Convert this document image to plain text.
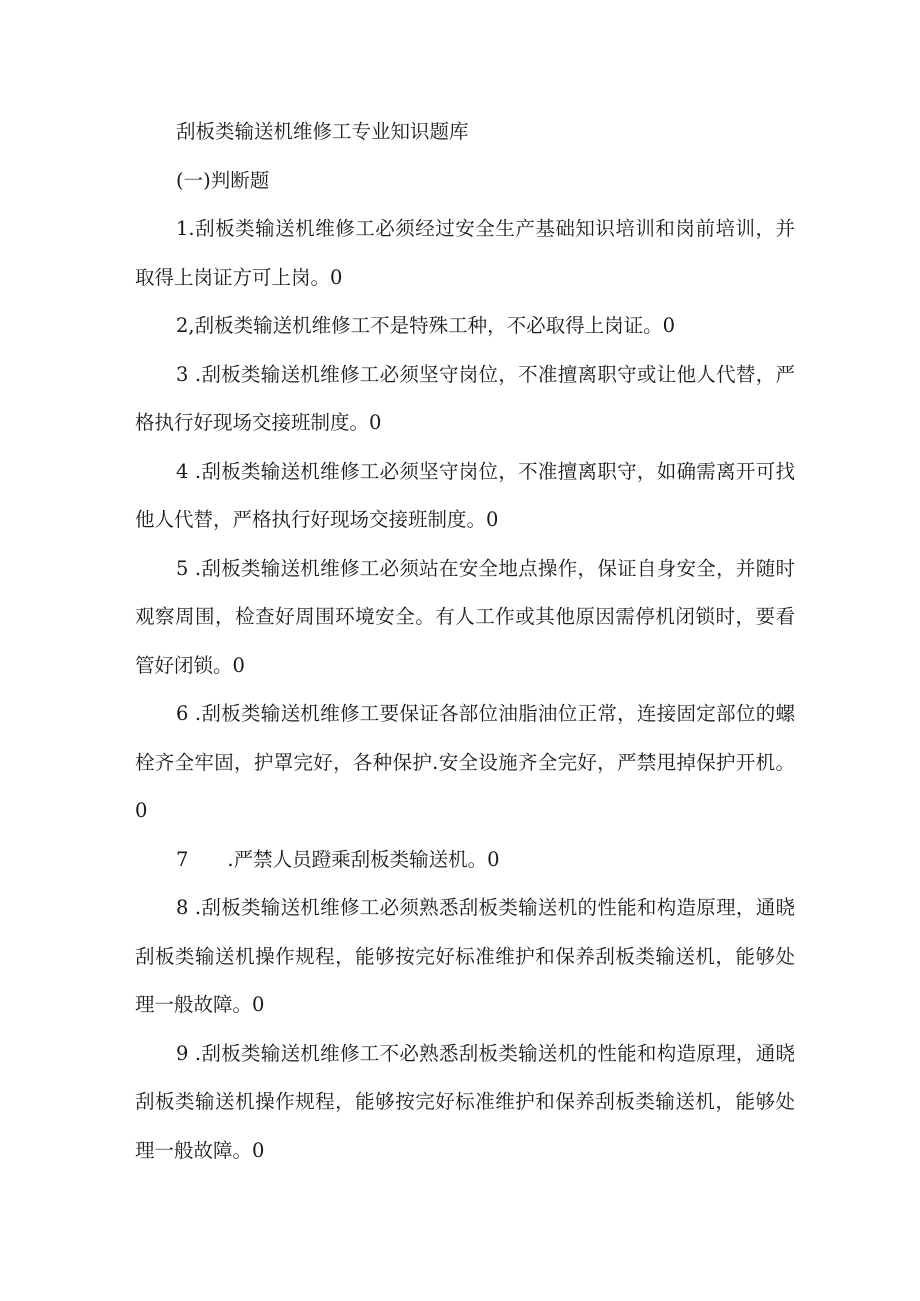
刮板类输送机维修工专业知识题库

(一)判断题

1.刮板类输送机维修工必须经过安全生产基础知识培训和岗前培训，并取得上岗证方可上岗。0

2,刮板类输送机维修工不是特殊工种，不必取得上岗证。0

3 .刮板类输送机维修工必须坚守岗位，不准擅离职守或让他人代替，严格执行好现场交接班制度。0

4 .刮板类输送机维修工必须坚守岗位，不准擅离职守，如确需离开可找他人代替，严格执行好现场交接班制度。0

5 .刮板类输送机维修工必须站在安全地点操作，保证自身安全，并随时观察周围，检查好周围环境安全。有人工作或其他原因需停机闭锁时，要看管好闭锁。0

6 .刮板类输送机维修工要保证各部位油脂油位正常，连接固定部位的螺栓齐全牢固，护罩完好，各种保护.安全设施齐全完好，严禁甩掉保护开机。0

7　　.严禁人员蹬乘刮板类输送机。0

8 .刮板类输送机维修工必须熟悉刮板类输送机的性能和构造原理，通晓刮板类输送机操作规程，能够按完好标准维护和保养刮板类输送机，能够处理一般故障。0

9 .刮板类输送机维修工不必熟悉刮板类输送机的性能和构造原理，通晓刮板类输送机操作规程，能够按完好标准维护和保养刮板类输送机，能够处理一般故障。0
